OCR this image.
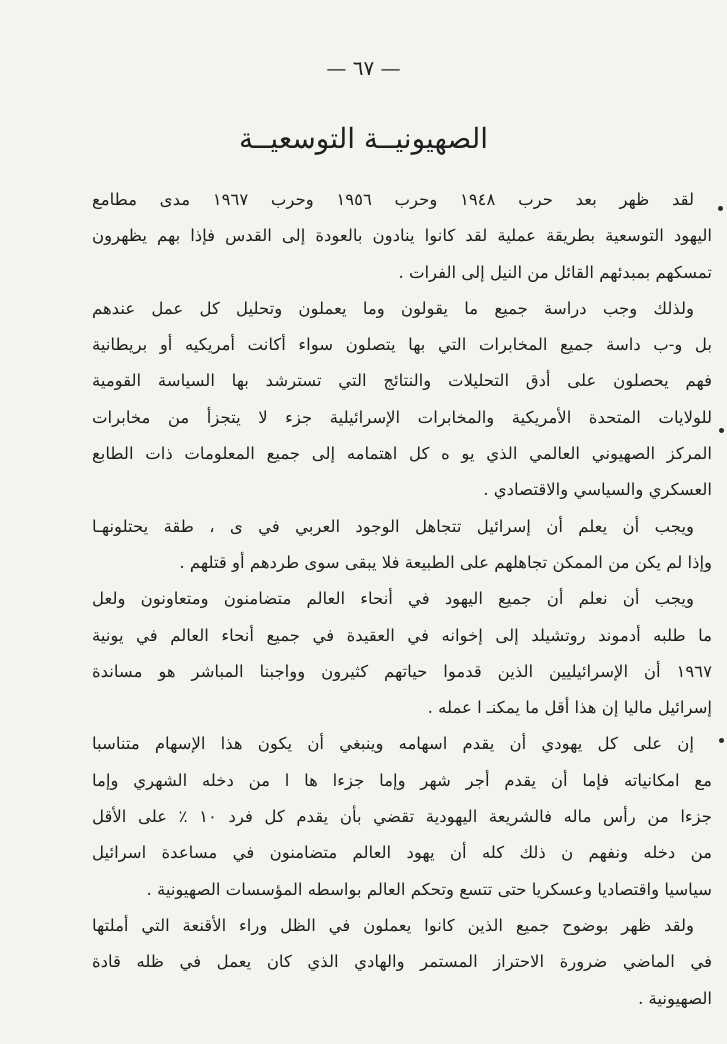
— ٦٧ —
الصهيونيــة التوسعيــة
لقد ظهر بعد حرب ١٩٤٨ وحرب ١٩٥٦ وحرب ١٩٦٧ مدى مطامع
اليهود التوسعية بطريقة عملية لقد كانوا ينادون بالعودة إلى القدس فإذا بهم يظهرون
تمسكهم بمبدئهم القائل من النيل إلى الفرات .
ولذلك وجب دراسة جميع ما يقولون وما يعملون وتحليل كل عمل عندهم
بل و-ب داسة جميع المخابرات التي بها يتصلون سواء أكانت أمريكيه أو بريطانية
فهم يحصلون على أدق التحليلات والنتائج التي تسترشد بها السياسة القومية
للولايات المتحدة الأمريكية والمخابرات الإسرائيلية جزء لا يتجزأ من مخابرات
المركز الصهيوني العالمي الذي يو ه كل اهتمامه إلى جميع المعلومات ذات الطابع
العسكري والسياسي والاقتصادي .
ويجب أن يعلم أن إسرائيل تتجاهل الوجود العربي في ى ، طقة يحتلونهـا
وإذا لم يكن من الممكن تجاهلهم على الطبيعة فلا يبقى سوى طردهم أو قتلهم .
ويجب أن نعلم أن جميع اليهود في أنحاء العالم متضامنون ومتعاونون ولعل
ما طلبه أدموند روتشيلد إلى إخوانه في العقيدة في جميع أنحاء العالم في يونية
١٩٦٧ أن الإسرائيليين الذين قدموا حياتهم كثيرون وواجبنا المباشر هو مساندة
إسرائيل ماليا إن هذا أقل ما يمكنـ ا عمله .
إن على كل يهودي أن يقدم اسهامه وينبغي أن يكون هذا الإسهام متناسبا
مع امكانياته فإما أن يقدم أجر شهر وإما جزءا ها ا من دخله الشهري وإما
جزءا من رأس ماله فالشريعة اليهودية تقضي بأن يقدم كل فرد ١٠ ٪ على الأقل
من دخله ونفهم ن ذلك كله أن يهود العالم متضامنون في مساعدة اسرائيل
سياسيا واقتصاديا وعسكريا حتى تتسع وتحكم العالم بواسطه المؤسسات الصهيونية .
ولقد ظهر بوضوح جميع الذين كانوا يعملون في الظل وراء الأقنعة التي أملتها
في الماضي ضرورة الاحتراز المستمر والهادي الذي كان يعمل في ظله قادة
الصهيونية .
